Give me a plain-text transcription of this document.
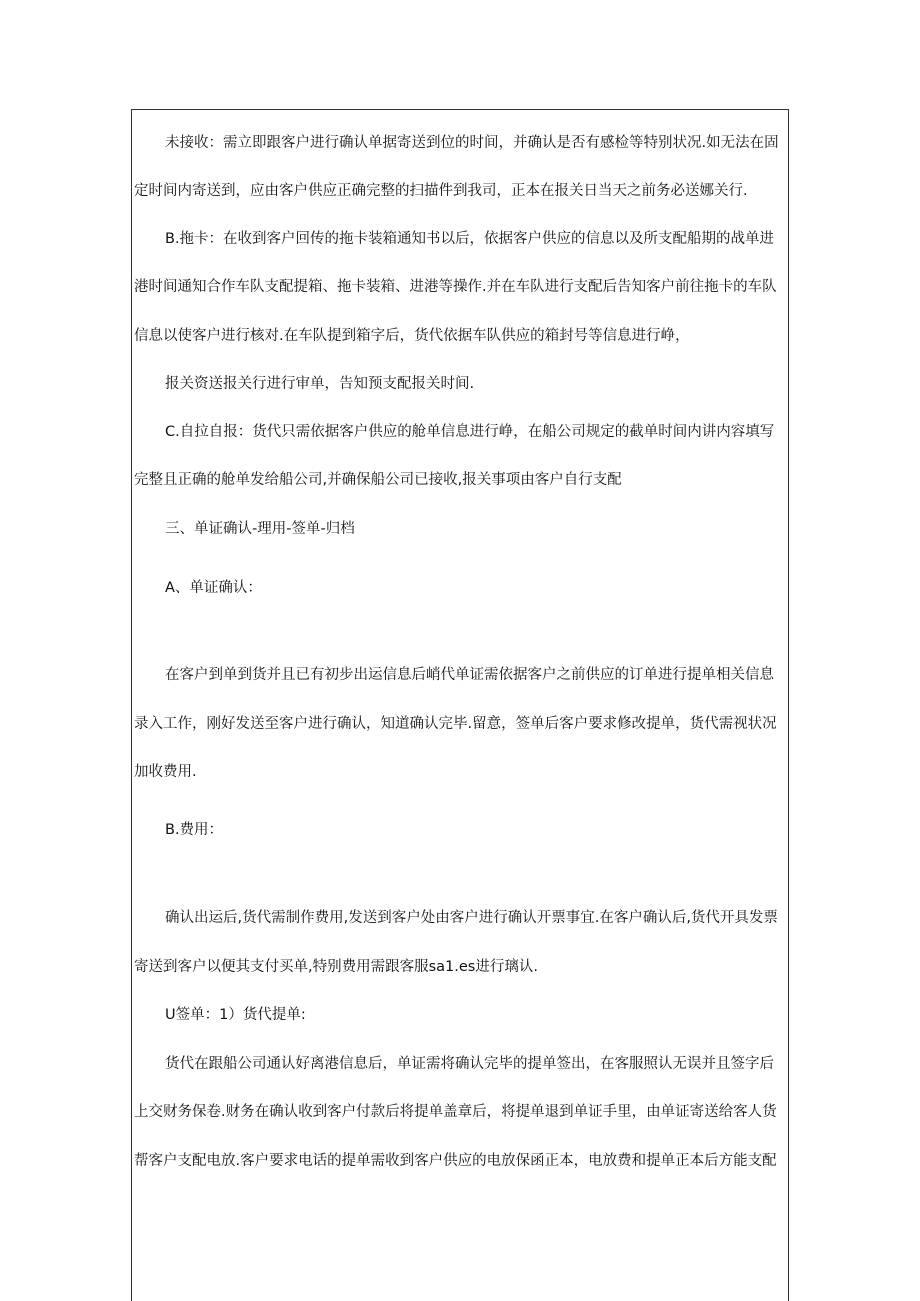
未接收：需立即跟客户进行确认单据寄送到位的时间，并确认是否有感检等特别状况.如无法在固
定时间内寄送到，应由客户供应正确完整的扫描件到我司，正本在报关日当天之前务必送娜关行.
B.拖卡：在收到客户回传的拖卡装箱通知书以后，依据客户供应的信息以及所支配船期的战单进
港时间通知合作车队支配提箱、拖卡装箱、进港等操作.并在车队进行支配后告知客户前往拖卡的车队
信息以使客户进行核对.在车队提到箱字后，货代依据车队供应的箱封号等信息进行峥，
报关资送报关行进行审单，告知预支配报关时间.
C.自拉自报：货代只需依据客户供应的舱单信息进行峥，在船公司规定的截单时间内讲内容填写
完整且正确的舱单发给船公司,并确保船公司已接收,报关事项由客户自行支配
三、单证确认-理用-签单-归档
A、单证确认：
在客户到单到货并且已有初步出运信息后峭代单证需依据客户之前供应的订单进行提单相关信息
录入工作，刚好发送至客户进行确认，知道确认完毕.留意，签单后客户要求修改提单，货代需视状况
加收费用.
B.费用：
确认出运后,货代需制作费用,发送到客户处由客户进行确认开票事宜.在客户确认后,货代开具发票
寄送到客户以便其支付买单,特别费用需跟客服sa1.es进行璃认.
U签单：1）货代提单:
货代在跟船公司通认好离港信息后，单证需将确认完毕的提单签出，在客服照认无误并且签字后
上交财务保卷.财务在确认收到客户付款后将提单盖章后，将提单退到单证手里，由单证寄送给客人货
帮客户支配电放.客户要求电话的提单需收到客户供应的电放保函正本，电放费和提单正本后方能支配
